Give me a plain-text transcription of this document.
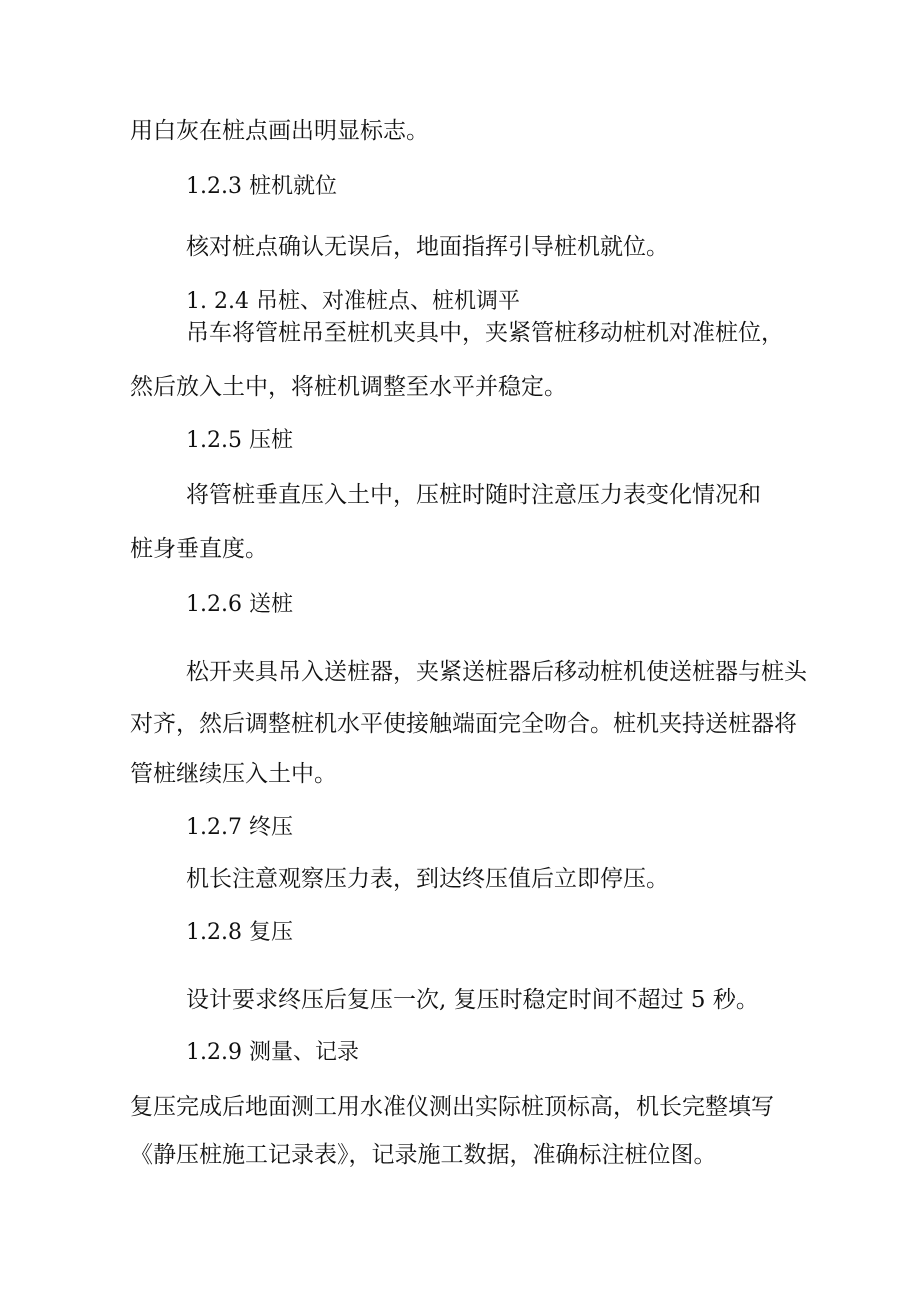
用白灰在桩点画出明显标志。
1.2.3 桩机就位
核对桩点确认无误后，地面指挥引导桩机就位。
1. 2.4 吊桩、对准桩点、桩机调平
吊车将管桩吊至桩机夹具中，夹紧管桩移动桩机对准桩位，
然后放入土中，将桩机调整至水平并稳定。
1.2.5 压桩
将管桩垂直压入土中，压桩时随时注意压力表变化情况和
桩身垂直度。
1.2.6 送桩
松开夹具吊入送桩器，夹紧送桩器后移动桩机使送桩器与桩头
对齐，然后调整桩机水平使接触端面完全吻合。桩机夹持送桩器将
管桩继续压入土中。
1.2.7 终压
机长注意观察压力表，到达终压值后立即停压。
1.2.8 复压
设计要求终压后复压一次, 复压时稳定时间不超过 5 秒。
1.2.9 测量、记录
复压完成后地面测工用水准仪测出实际桩顶标高，机长完整填写
《静压桩施工记录表》，记录施工数据，准确标注桩位图。
